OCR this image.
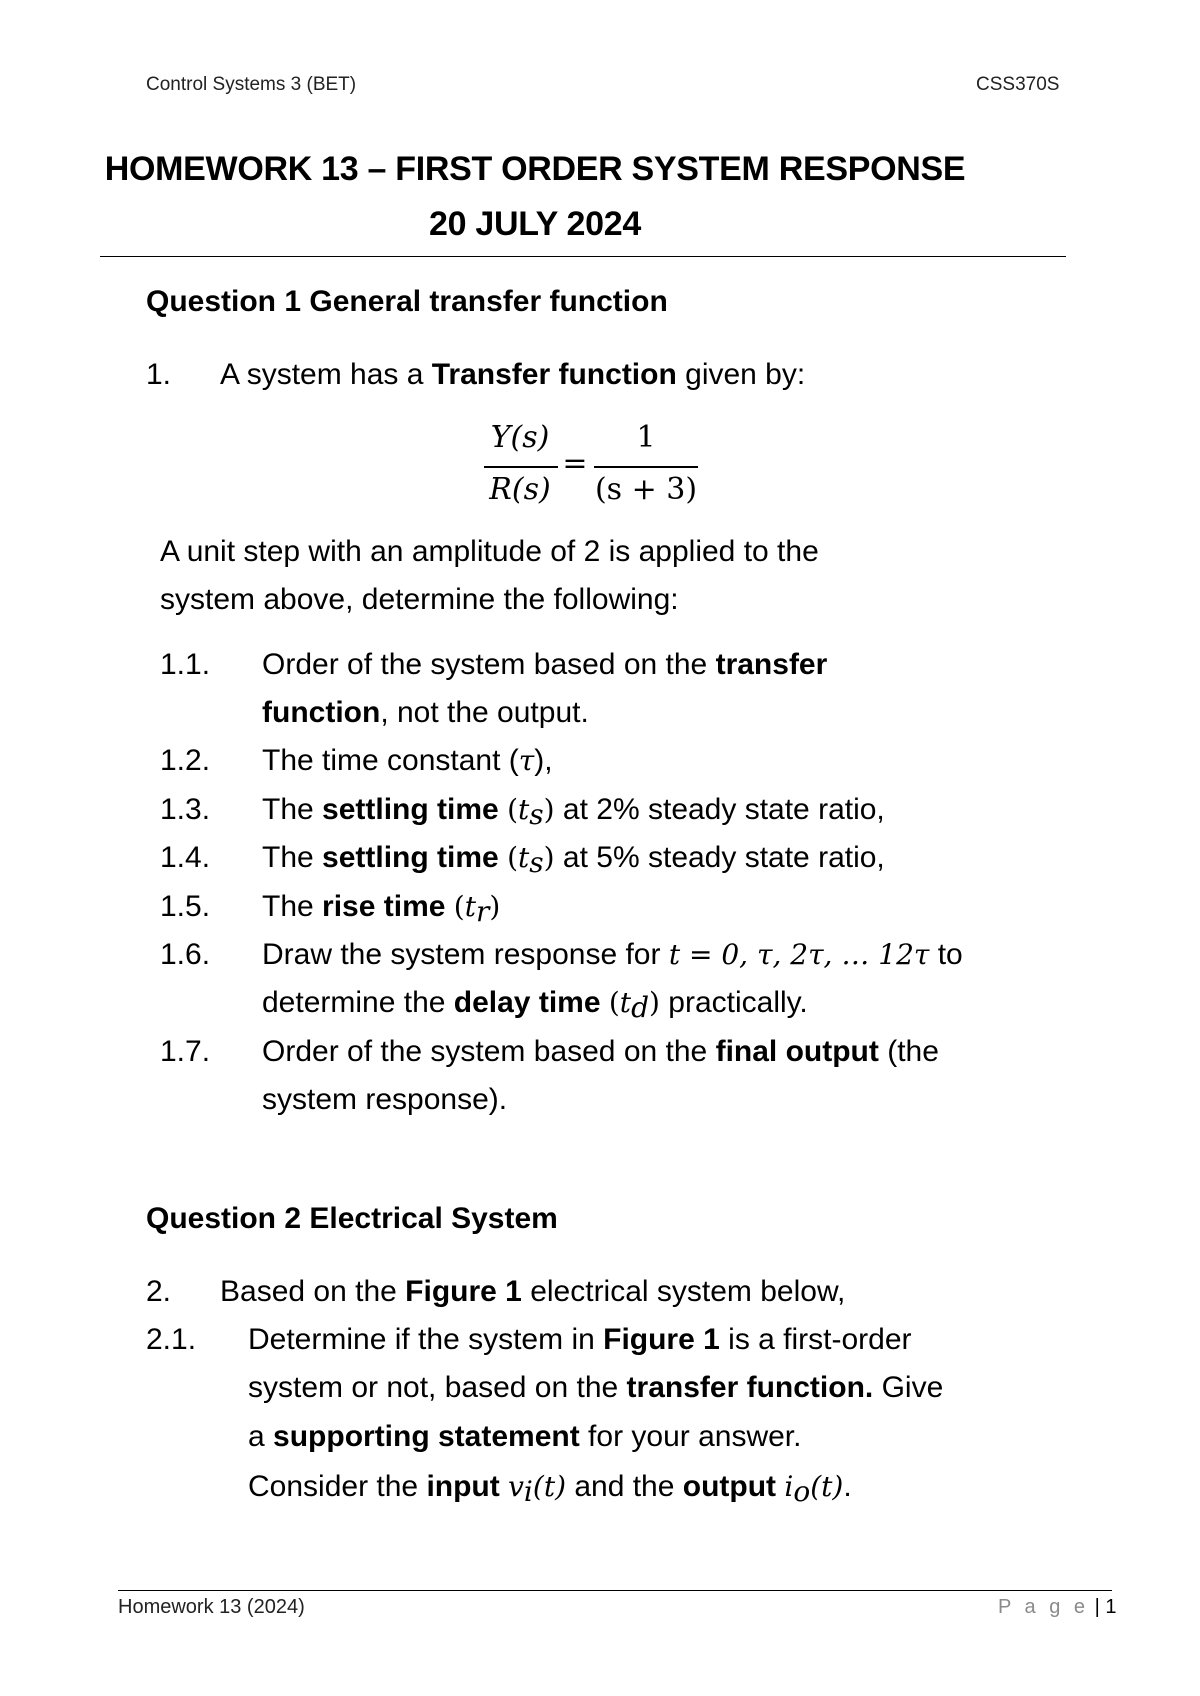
Control Systems 3 (BET)	CSS370S
HOMEWORK 13 – FIRST ORDER SYSTEM RESPONSE
20 JULY 2024
Question 1 General transfer function
1. A system has a Transfer function given by:
Y(s)
R(s)
=
1
(s + 3)
A unit step with an amplitude of 2 is applied to the
system above, determine the following:
1.1. Order of the system based on the transfer
function, not the output.
1.2. The time constant (τ),
1.3. The settling time $(t_s)$ at 2% steady state ratio,
1.4. The settling time $(t_s)$ at 5% steady state ratio,
1.5. The rise time $(t_r)$
1.6. Draw the system response for t = 0, τ, 2τ, … 12τ to
determine the delay time $(t_d)$ practically.
1.7. Order of the system based on the final output (the
system response).
Question 2 Electrical System
2. Based on the Figure 1 electrical system below,
2.1. Determine if the system in Figure 1 is a first-order
system or not, based on the transfer function. Give
a supporting statement for your answer.
Consider the input $v_i(t)$ and the output $i_o(t)$.
Homework 13 (2024)	P a g e | 1
